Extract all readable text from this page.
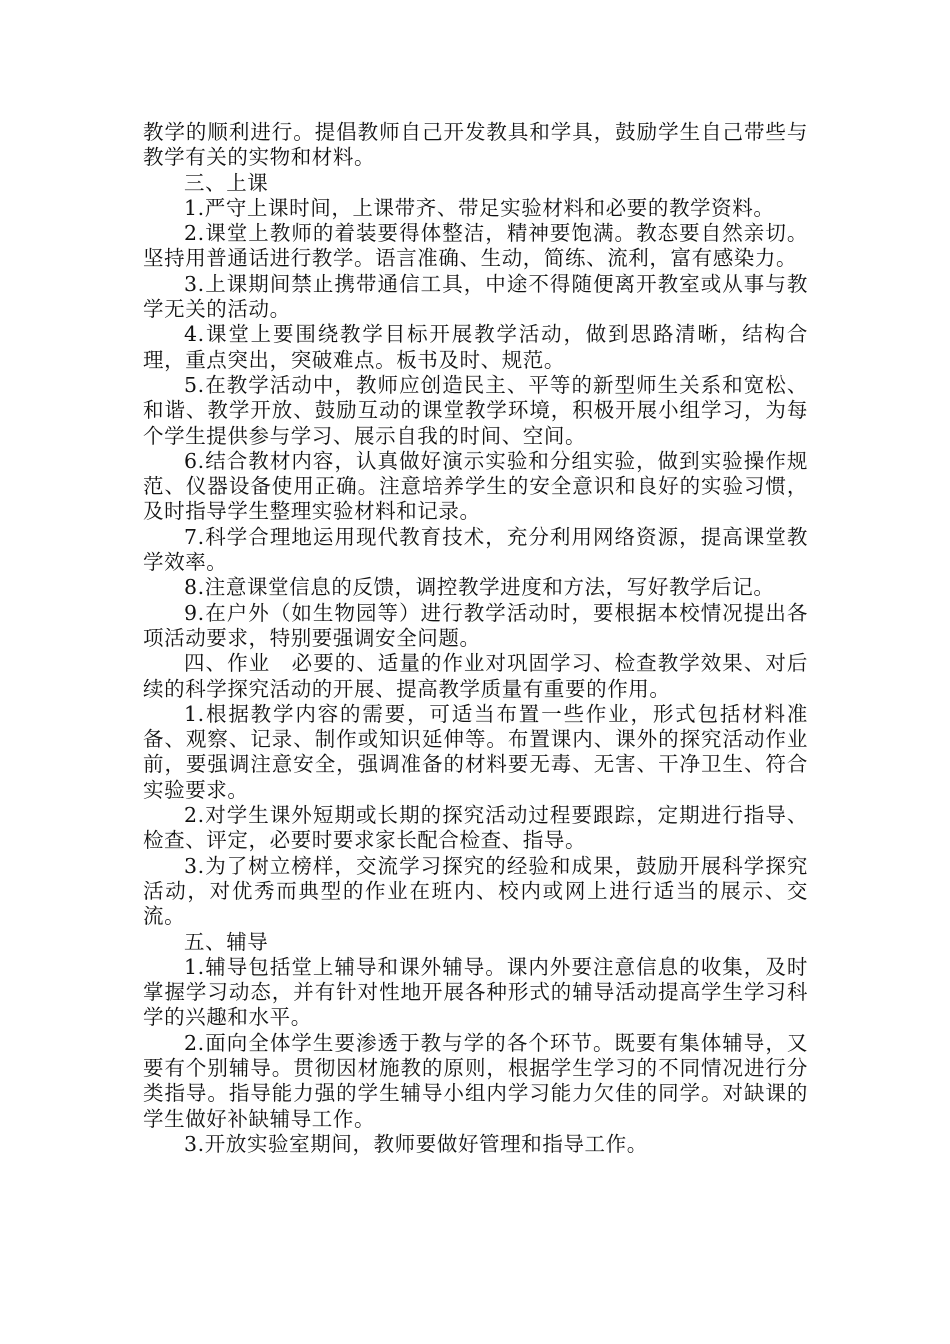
教学的顺利进行。提倡教师自己开发教具和学具，鼓励学生自己带些与教学有关的实物和材料。

三、上课

1.严守上课时间，上课带齐、带足实验材料和必要的教学资料。

2.课堂上教师的着装要得体整洁，精神要饱满。教态要自然亲切。坚持用普通话进行教学。语言准确、生动，简练、流利，富有感染力。

3.上课期间禁止携带通信工具，中途不得随便离开教室或从事与教学无关的活动。

4.课堂上要围绕教学目标开展教学活动，做到思路清晰，结构合理，重点突出，突破难点。板书及时、规范。

5.在教学活动中，教师应创造民主、平等的新型师生关系和宽松、和谐、教学开放、鼓励互动的课堂教学环境，积极开展小组学习，为每个学生提供参与学习、展示自我的时间、空间。

6.结合教材内容，认真做好演示实验和分组实验，做到实验操作规范、仪器设备使用正确。注意培养学生的安全意识和良好的实验习惯，及时指导学生整理实验材料和记录。

7.科学合理地运用现代教育技术，充分利用网络资源，提高课堂教学效率。

8.注意课堂信息的反馈，调控教学进度和方法，写好教学后记。

9.在户外（如生物园等）进行教学活动时，要根据本校情况提出各项活动要求，特别要强调安全问题。

四、作业　必要的、适量的作业对巩固学习、检查教学效果、对后续的科学探究活动的开展、提高教学质量有重要的作用。

1.根据教学内容的需要，可适当布置一些作业，形式包括材料准备、观察、记录、制作或知识延伸等。布置课内、课外的探究活动作业前，要强调注意安全，强调准备的材料要无毒、无害、干净卫生、符合实验要求。

2.对学生课外短期或长期的探究活动过程要跟踪，定期进行指导、检查、评定，必要时要求家长配合检查、指导。

3.为了树立榜样，交流学习探究的经验和成果，鼓励开展科学探究活动，对优秀而典型的作业在班内、校内或网上进行适当的展示、交流。

五、辅导

1.辅导包括堂上辅导和课外辅导。课内外要注意信息的收集，及时掌握学习动态，并有针对性地开展各种形式的辅导活动提高学生学习科学的兴趣和水平。

2.面向全体学生要渗透于教与学的各个环节。既要有集体辅导，又要有个别辅导。贯彻因材施教的原则，根据学生学习的不同情况进行分类指导。指导能力强的学生辅导小组内学习能力欠佳的同学。对缺课的学生做好补缺辅导工作。

3.开放实验室期间，教师要做好管理和指导工作。
